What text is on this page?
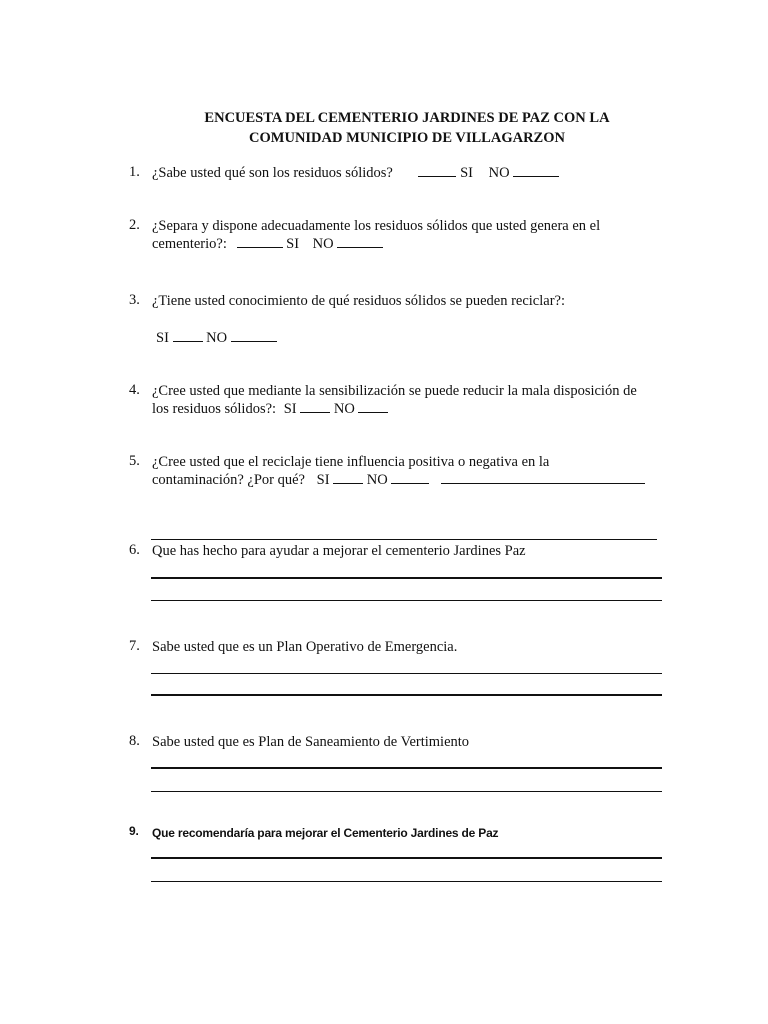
ENCUESTA DEL CEMENTERIO JARDINES DE PAZ CON LA
COMUNIDAD MUNICIPIO DE VILLAGARZON
1. ¿Sabe usted qué son los residuos sólidos?	SI NO
2. ¿Separa y dispone adecuadamente los residuos sólidos que usted genera en el
cementerio?:	SI NO
3. ¿Tiene usted conocimiento de qué residuos sólidos se pueden reciclar?:
SI	NO
4. ¿Cree usted que mediante la sensibilización se puede reducir la mala disposición de
los residuos sólidos?: SI	NO
5. ¿Cree usted que el reciclaje tiene influencia positiva o negativa en la
contaminación? ¿Por qué? SI	NO
6. Que has hecho para ayudar a mejorar el cementerio Jardines Paz
7. Sabe usted que es un Plan Operativo de Emergencia.
8. Sabe usted que es Plan de Saneamiento de Vertimiento
9. Que recomendaría para mejorar el Cementerio Jardines de Paz
